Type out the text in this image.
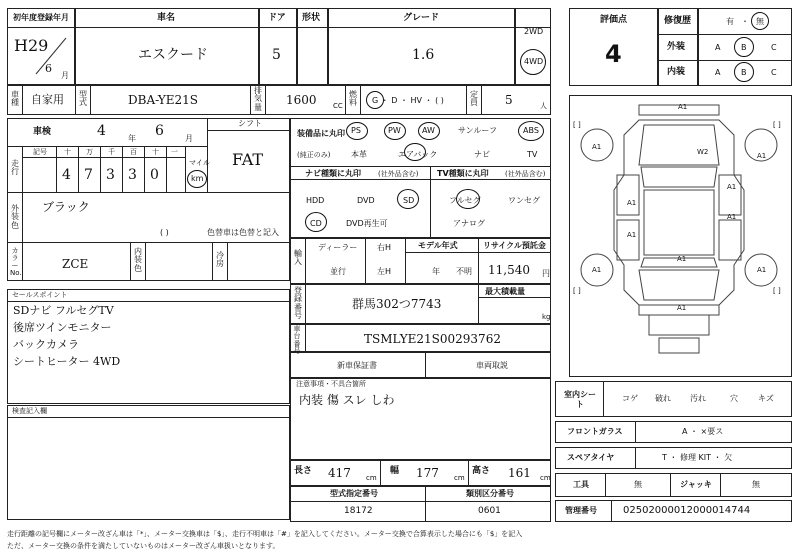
初年度登録年月
H29
6
月
車名
エスクード
ドア
5
形状	グレード
1.6
2WD
4WD
評価点
4
修復歴	有 ・ 無
外装	A	B	C
内装	A	B	C
車種 自家用 型式	DBA-YE21S
排気量
1600 CC
燃料 G ・ D ・ HV ・ ( )
定員 5	人
車検	4	年 6	月
シフト
FAT
走行
記号 十 万 千 百 十 一
4 7 3 3 0
マイル
km
外装色
ブラック
( )	色替車は色替と記入
カラーNo.
ZCE
内装色
冷房
セールスポイント
SDナビ フルセグTV
後席ツインモニター
バックカメラ
シートヒーター 4WD
検査記入欄
装備品に丸印
(純正のみ)
PS	PW	AW	サンルーフ	ABS
本革	エアバック	ナビ	TV
ナビ種類に丸印 (社外品含む)
HDD	DVD	SD
CD	DVD再生可
TV種類に丸印 (社外品含む)
フルセグ	ワンセグ
アナログ
輸入
ディーラー
並行
右H
左H
モデル年式
年 不明
リサイクル預託金
11,540 円
登録番号
群馬302つ7743
最大積載量
kg
車台番号
TSMLYE21S00293762
新車保証書	車両取説
注意事項・不具合箇所
内装 傷 スレ しわ
長さ 417 cm
幅 177 cm
高さ 161 cm
型式指定番号
18172
類別区分番号
0601
A1
A1
W2	A1
A1
A1
A1
A1
A1
A1	A1
A1
[ ]	[ ]
[ ]	[ ]
室内シート
コゲ 破れ 汚れ	穴	キズ
フロントガラス	A ・ ×要ス
スペアタイヤ	T ・ 修理 KIT ・ 欠
工具	無	ジャッキ	無
管理番号	02502000012000014744
走行距離の記号欄にメーター改ざん車は「*」、メーター交換車は「$」、走行不明車は「#」を記入してください。メーター交換で合算表示した場合にも「$」を記入
ただ、メーター交換の条件を満たしていないものはメーター改ざん車扱いとなります。
